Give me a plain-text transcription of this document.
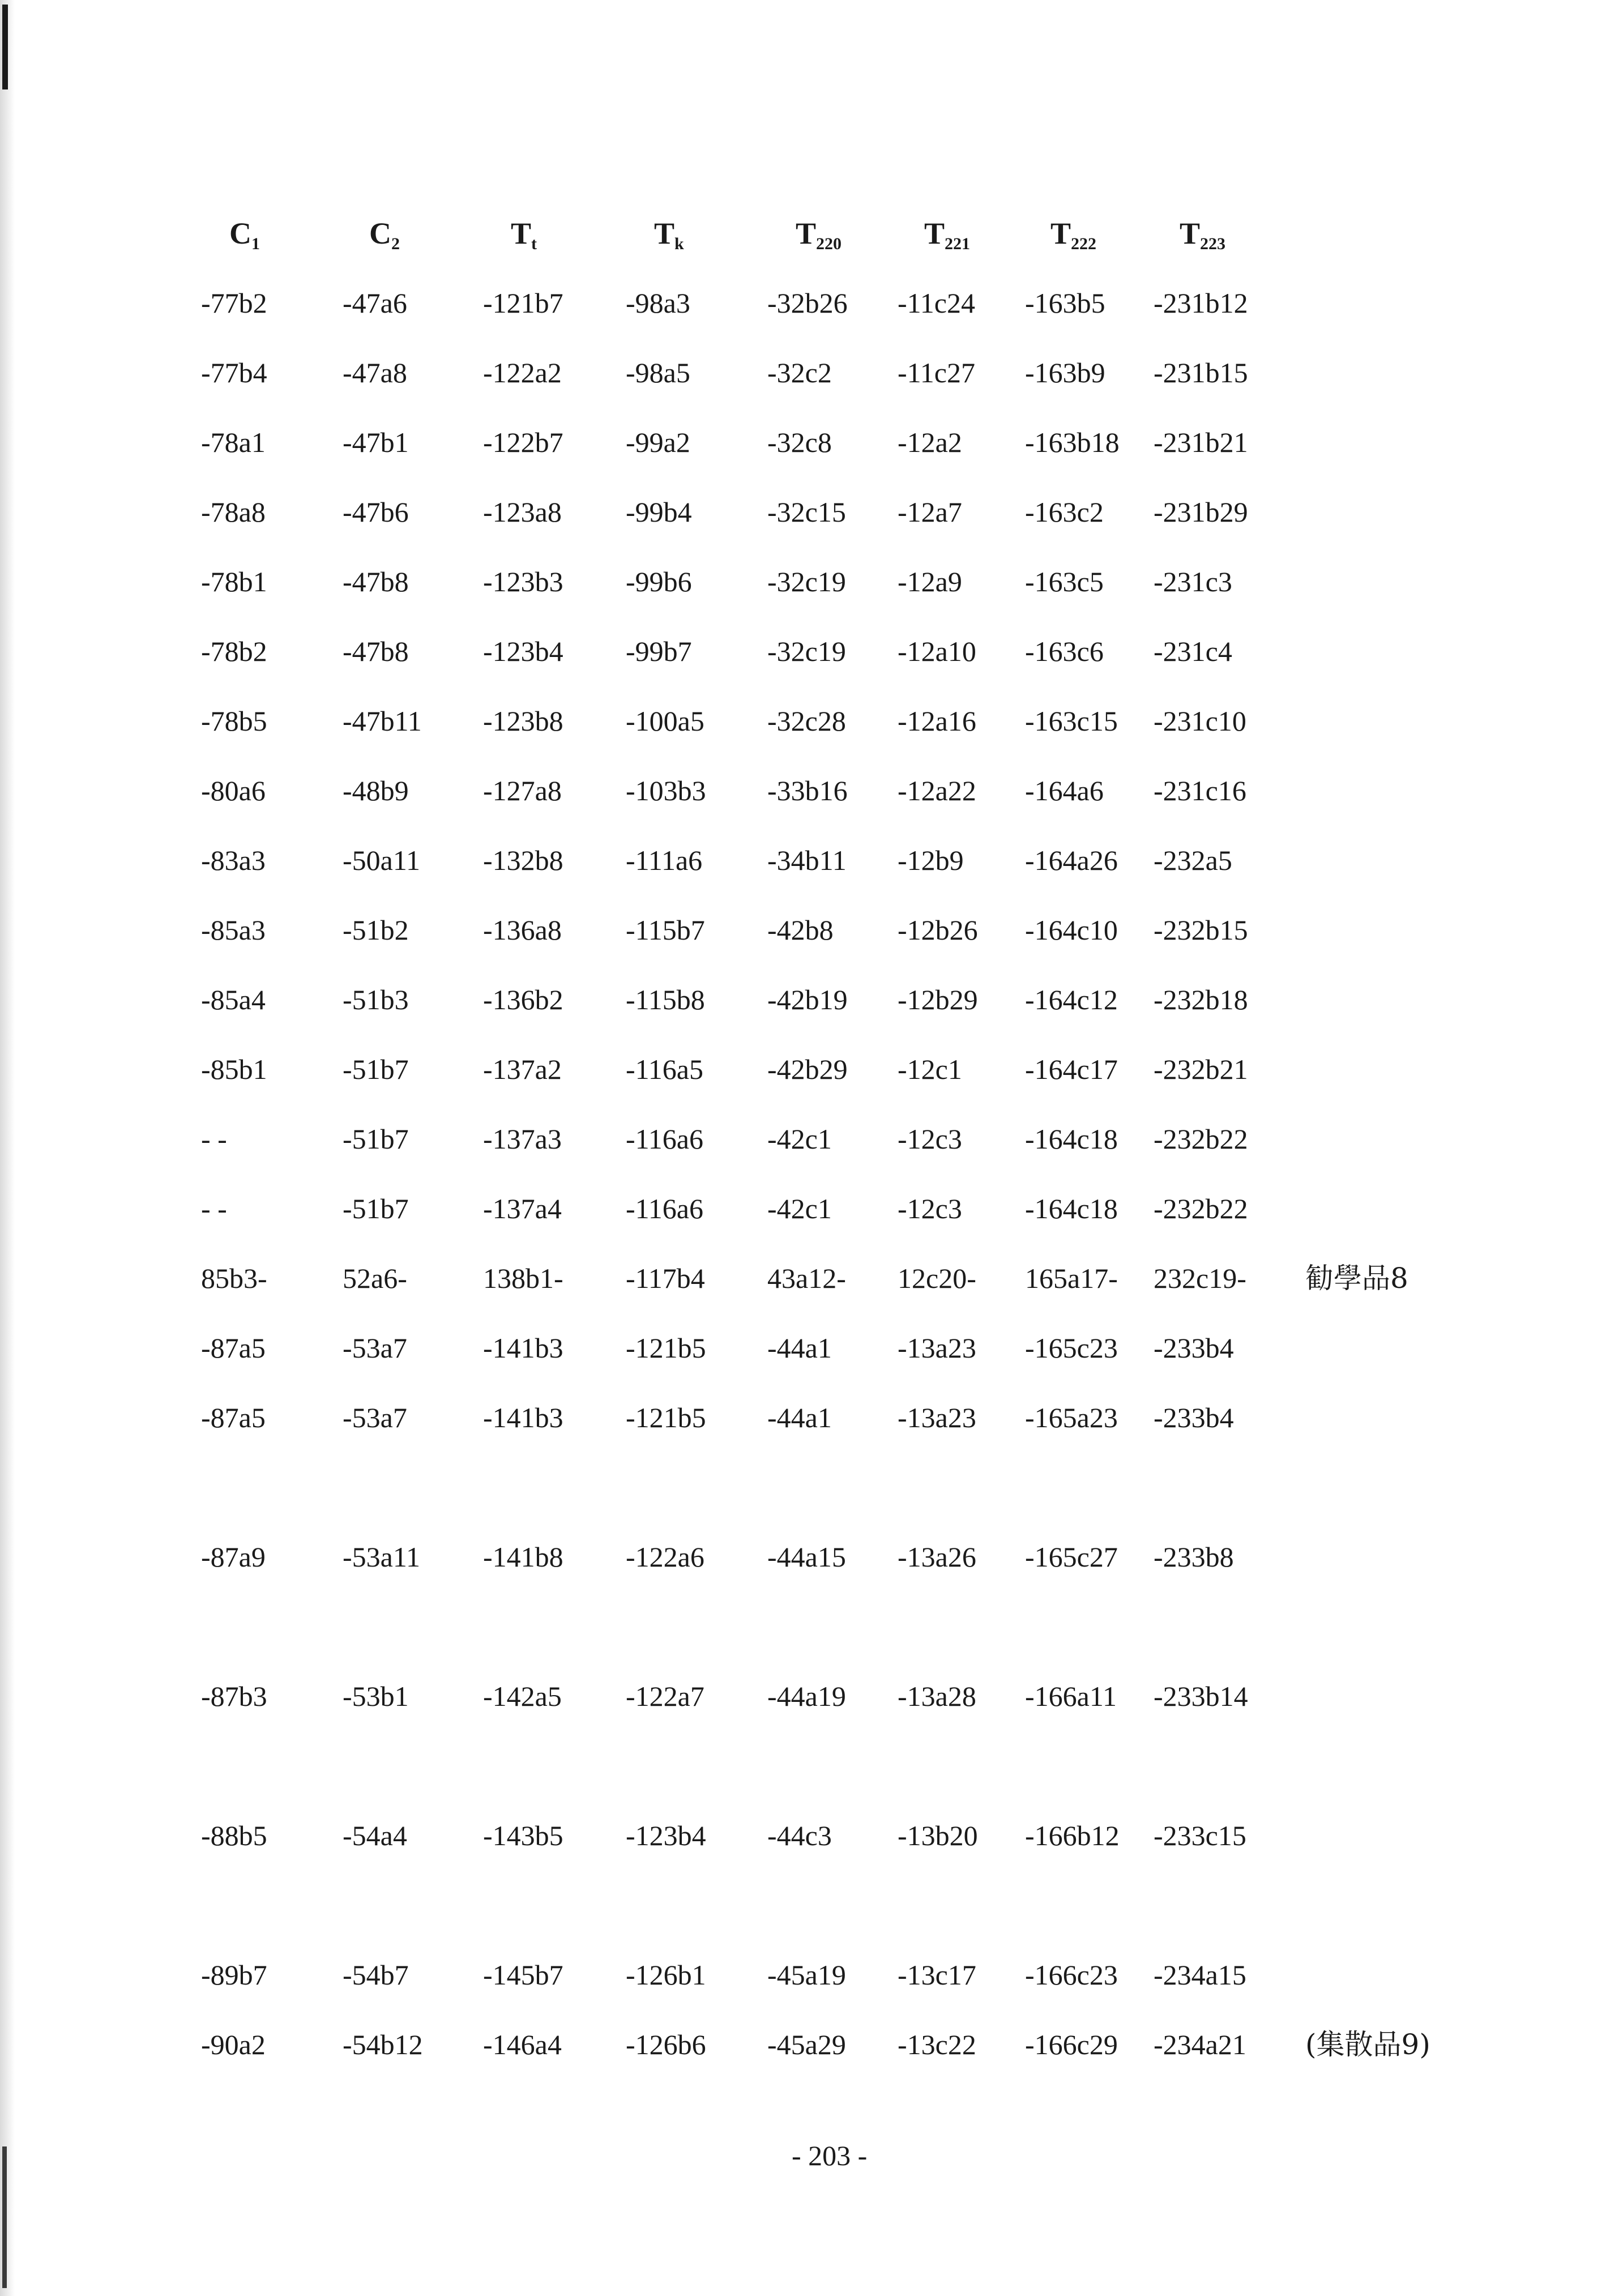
$C_1$	$C_2$	$T_t$	$T_k$	$T_{220}$	$T_{221}$	$T_{222}$	$T_{223}$
-77b2	-47a6	-121b7 -98a3	-32b26 -11c24 -163b5 -231b12
-77b4	-47a8	-122a2 -98a5	-32c2 -11c27 -163b9 -231b15
-78a1	-47b1	-122b7 -99a2	-32c8 -12a2 -163b18 -231b21
-78a8	-47b6	-123a8 -99b4	-32c15 -12a7 -163c2 -231b29
-78b1	-47b8	-123b3 -99b6	-32c19 -12a9 -163c5 -231c3
-78b2	-47b8	-123b4 -99b7	-32c19 -12a10 -163c6 -231c4
-78b5	-47b11 -123b8 -100a5 -32c28 -12a16 -163c15 -231c10
-80a6	-48b9	-127a8 -103b3 -33b16 -12a22 -164a6 -231c16
-83a3	-50a11 -132b8 -111a6 -34b11 -12b9 -164a26 -232a5
-85a3	-51b2	-136a8 -115b7 -42b8 -12b26 -164c10 -232b15
-85a4	-51b3	-136b2 -115b8 -42b19 -12b29 -164c12 -232b18
-85b1	-51b7	-137a2 -116a5 -42b29 -12c1 -164c17 -232b21
- -	-51b7	-137a3 -116a6 -42c1 -12c3 -164c18 -232b22
- -	-51b7	-137a4 -116a6 -42c1 -12c3 -164c18 -232b22
85b3-	52a6-	138b1- -117b4 43a12- 12c20- 165a17- 232c19- 勧學品8
-87a5	-53a7	-141b3 -121b5 -44a1 -13a23 -165c23 -233b4
-87a5	-53a7	-141b3 -121b5 -44a1 -13a23 -165a23 -233b4
-87a9	-53a11 -141b8 -122a6 -44a15 -13a26 -165c27 -233b8
-87b3	-53b1	-142a5 -122a7 -44a19 -13a28 -166a11 -233b14
-88b5	-54a4	-143b5 -123b4 -44c3 -13b20 -166b12 -233c15
-89b7	-54b7	-145b7 -126b1 -45a19 -13c17 -166c23 -234a15
-90a2	-54b12 -146a4 -126b6 -45a29 -13c22 -166c29 -234a21 (集散品9)
- 203 -
